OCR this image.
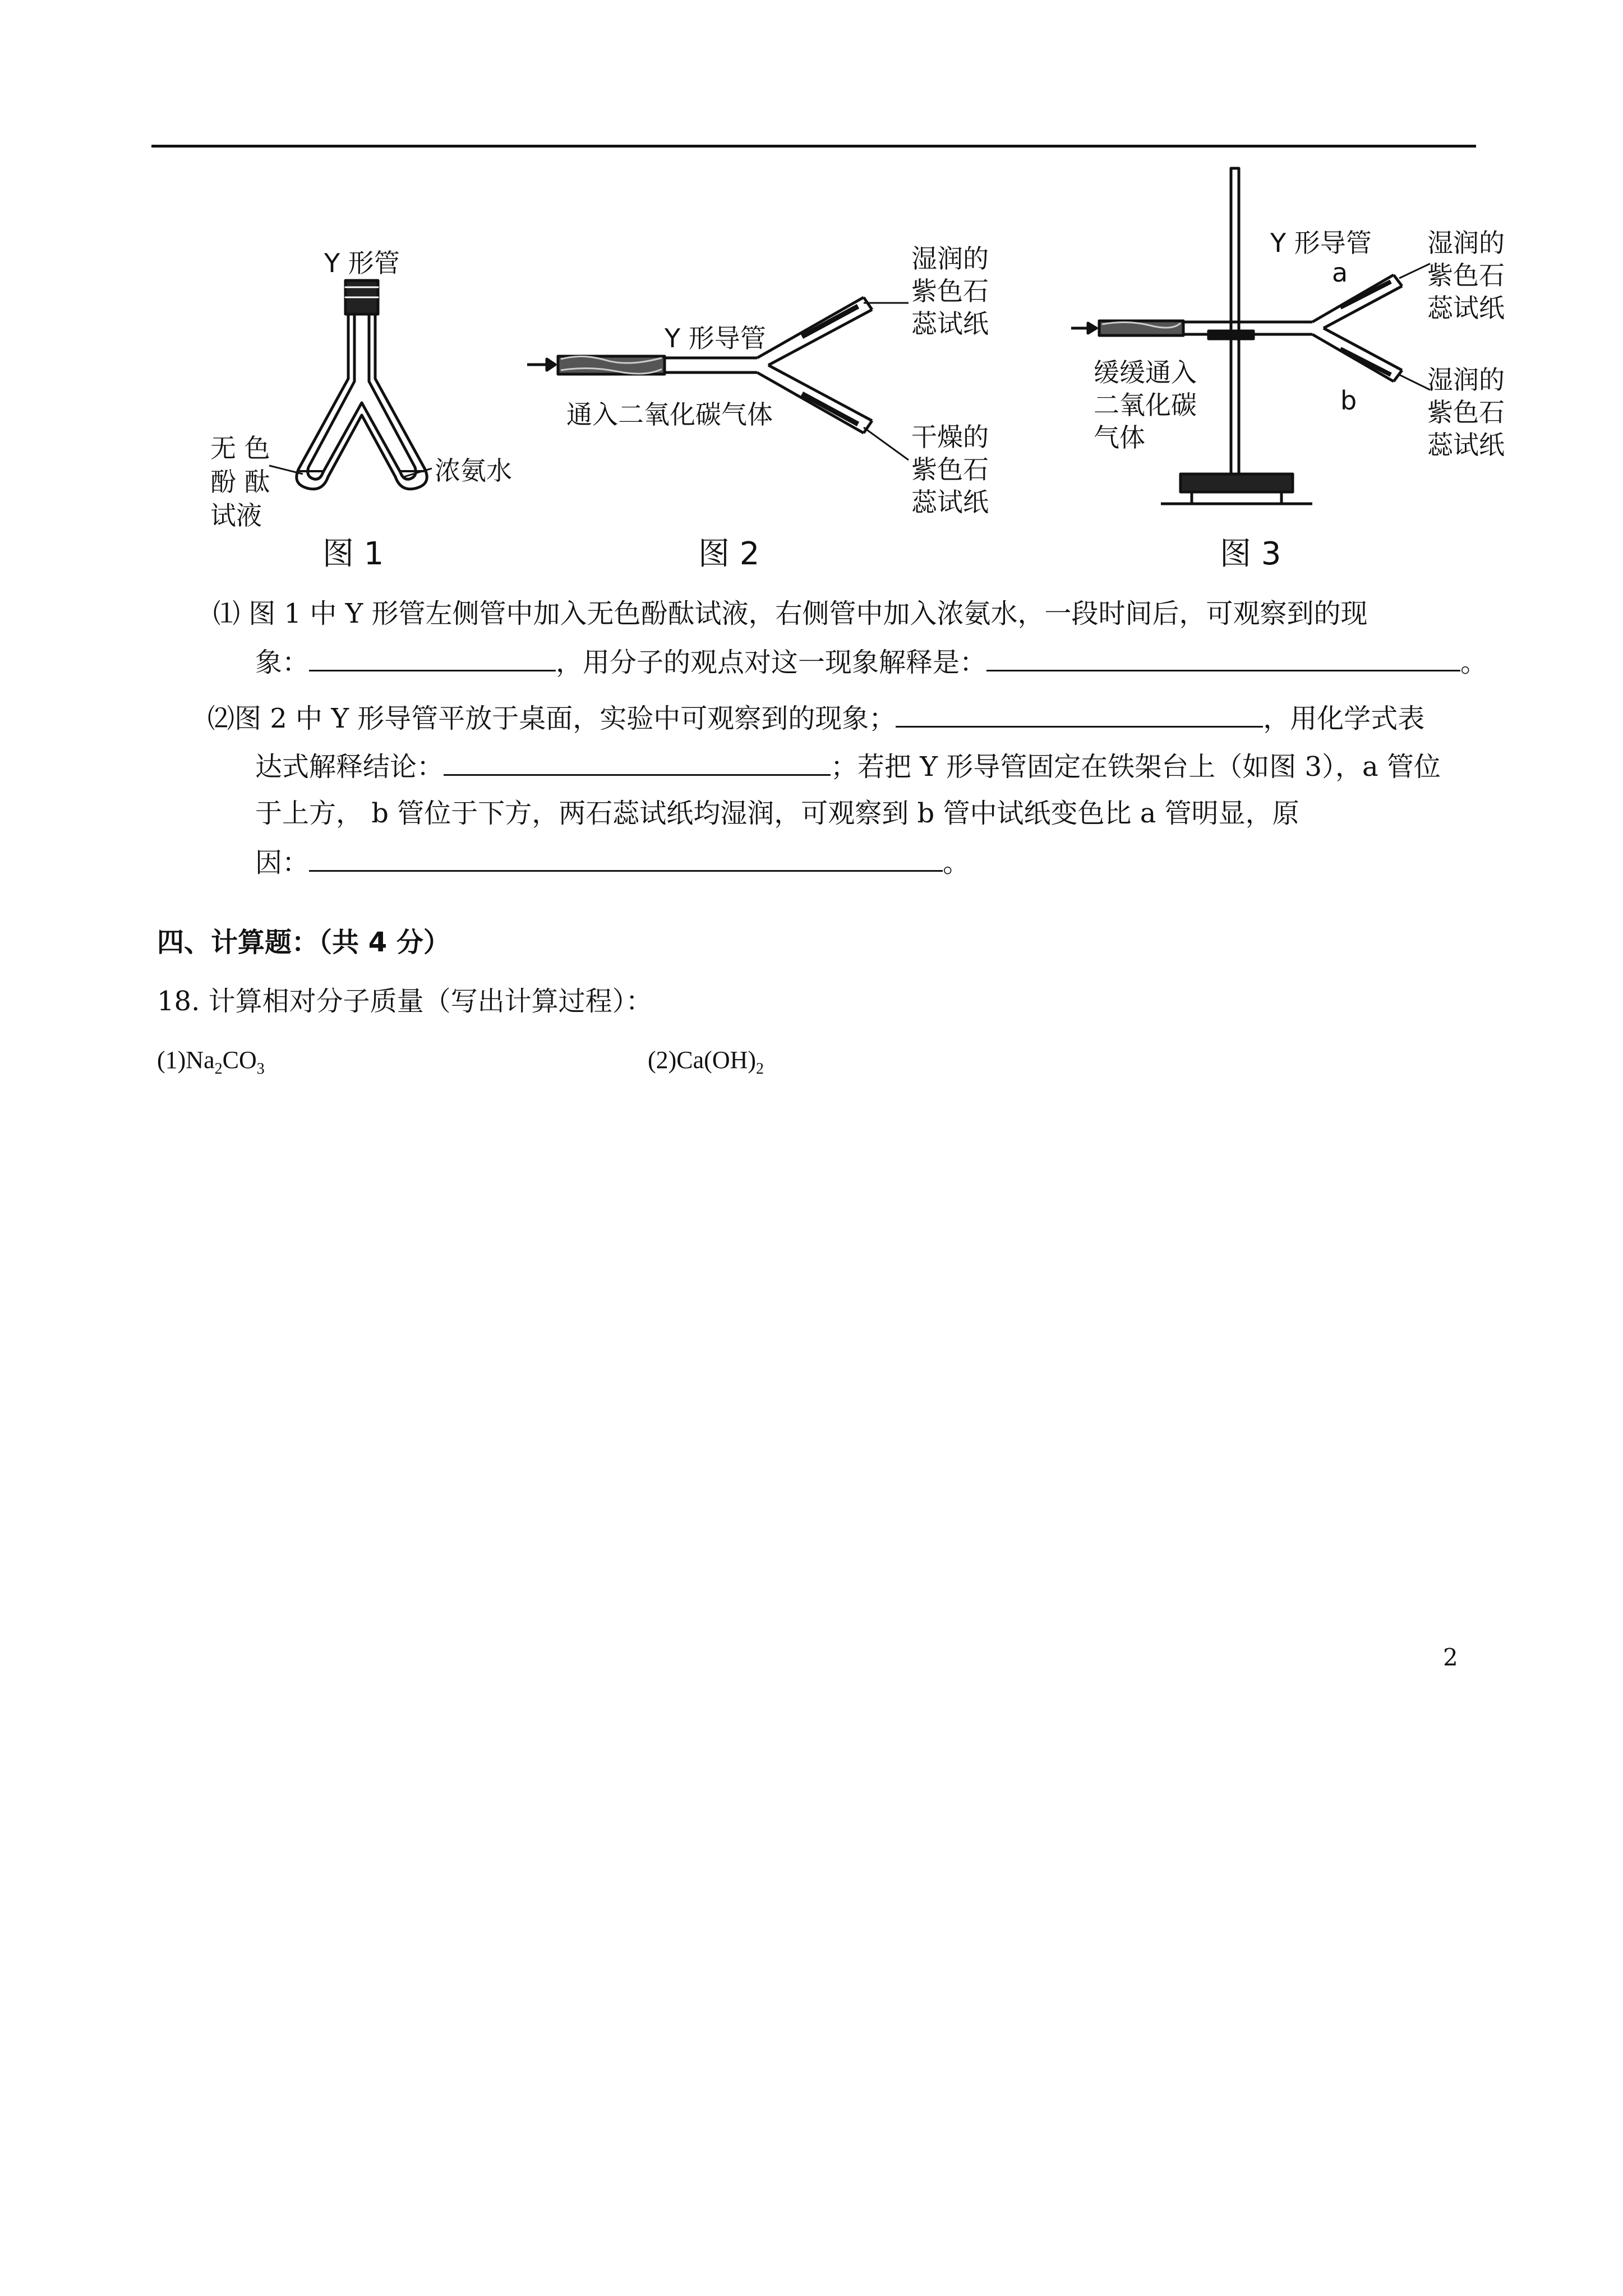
Y 形管
无 色
酚 酞
试液
浓氨水
图 1
Y 形导管
通入二氧化碳气体
湿润的
紫色石
蕊试纸
干燥的
紫色石
蕊试纸
图 2
Y 形导管
a
b
缓缓通入
二氧化碳
气体
湿润的
紫色石
蕊试纸
湿润的
紫色石
蕊试纸
图 3
⑴ 图 1 中 Y 形管左侧管中加入无色酚酞试液，右侧管中加入浓氨水，一段时间后，可观察到的现
象：	，用分子的观点对这一现象解释是：	。
⑵图 2 中 Y 形导管平放于桌面，实验中可观察到的现象；	，用化学式表
达式解释结论：	；若把 Y 形导管固定在铁架台上（如图 3），a 管位
于上方， b 管位于下方，两石蕊试纸均湿润，可观察到 b 管中试纸变色比 a 管明显，原
因：	。
四、计算题：（共 4 分）
18. 计算相对分子质量（写出计算过程）：
$(1)Na_2CO_3$	$(2)Ca(OH)_2$
2
